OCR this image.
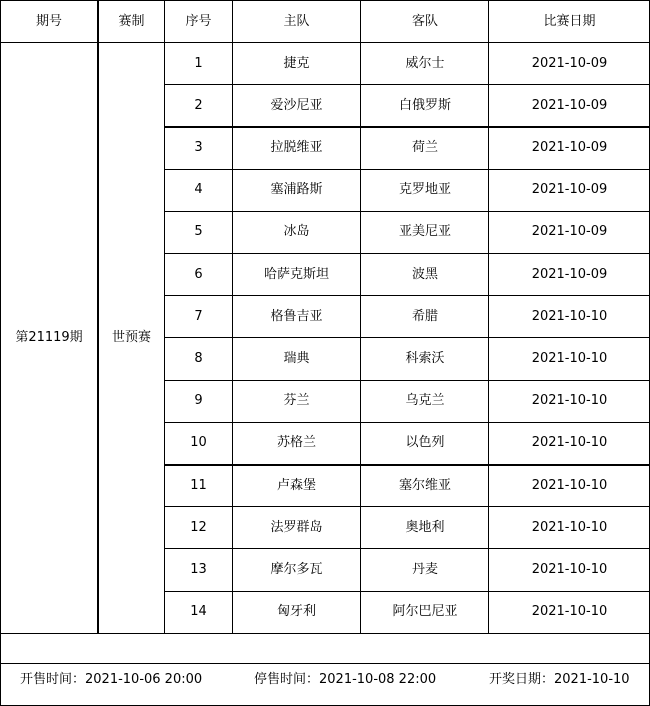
期号	赛制	序号	主队	客队	比赛日期
第21119期	世预赛
1	捷克	威尔士	2021-10-09
2	爱沙尼亚	白俄罗斯	2021-10-09
3	拉脱维亚	荷兰	2021-10-09
4	塞浦路斯	克罗地亚	2021-10-09
5	冰岛	亚美尼亚	2021-10-09
6	哈萨克斯坦	波黑	2021-10-09
7	格鲁吉亚	希腊	2021-10-10
8	瑞典	科索沃	2021-10-10
9	芬兰	乌克兰	2021-10-10
10	苏格兰	以色列	2021-10-10
11	卢森堡	塞尔维亚	2021-10-10
12	法罗群岛	奥地利	2021-10-10
13	摩尔多瓦	丹麦	2021-10-10
14	匈牙利	阿尔巴尼亚	2021-10-10
开售时间：2021-10-06 20:00	停售时间：2021-10-08 22:00	开奖日期：2021-10-10
